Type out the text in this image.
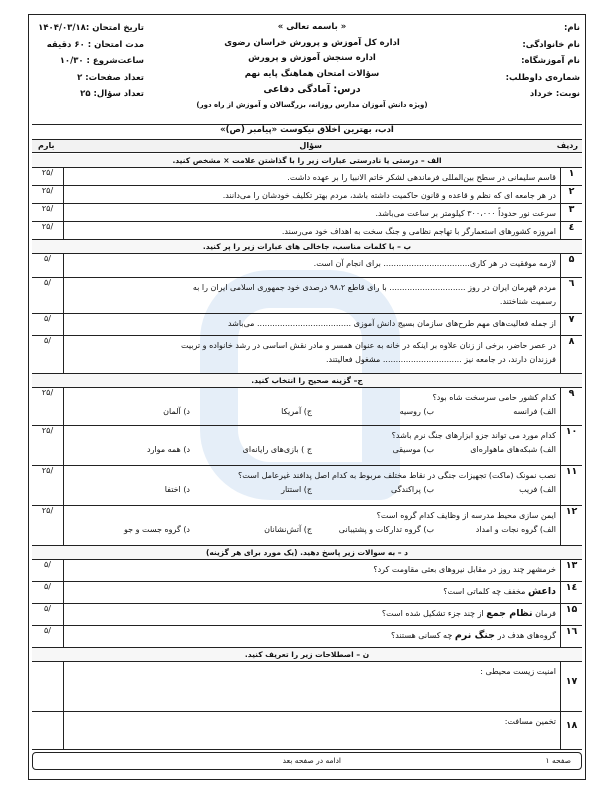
نام:
نام خانوادگی:
نام آموزشگاه:
شماره‌ی داوطلب:
نوبت: خرداد
« باسمه تعالی »
اداره کل آموزش و پرورش خراسان رضوی
اداره سنجش آموزش و پرورش
سؤالات امتحان هماهنگ پایه نهم
درس: آمادگی دفاعی
(ویژه دانش آموزان مدارس روزانه، بزرگسالان و آموزش از راه دور)
تاریخ امتحان :۱۴۰۴/۰۳/۱۸
مدت امتحان : ۶۰ دقیقه
ساعت‌شروع : ۱۰/۳۰
تعداد صفحات: ۲
تعداد سؤال: ۲۵
ادب، بهترین اخلاق نیکوست «پیامبر (ص)»
ردیف
سؤال
بارم
الف – درستی یا نادرستی عبارات زیر را با گذاشتن علامت × مشخص کنید.
۱
قاسم سلیمانی در سطح بین‌المللی فرماندهی لشکر خاتم الانبیا را بر عهده داشت.
/۲۵
۲
در هر جامعه ای که نظم و قاعده و قانون حاکمیت داشته باشد، مردم بهتر تکلیف خودشان را می‌دانند.
/۲۵
۳
سرعت نور حدوداً ۳۰۰،۰۰۰ کیلومتر بر ساعت می‌باشد.
/۲۵
٤
امروزه کشورهای استعمارگر با تهاجم نظامی و جنگ سخت به اهداف خود می‌رسند.
/۲۵
ب – با کلمات مناسب، جاخالی های عبارات زیر را پر کنید.
۵
لازمه موفقیت در هر کاری.................................. برای انجام آن است.
/۵
٦
مردم قهرمان ایران در روز .............................. با رای قاطع ۹۸،۲ درصدی خود جمهوری اسلامی ایران را به
رسمیت شناختند.
/۵
۷
از جمله فعالیت‌های مهم طرح‌های سازمان بسیج دانش آموزی ..................................... می‌باشد
/۵
۸
در عصر حاضر، برخی از زنان علاوه بر اینکه در خانه به عنوان همسر و مادر نقش اساسی در رشد خانواده و تربیت
فرزندان دارند، در جامعه نیز ............................... مشغول فعالیتند.
/۵
ج– گزینه صحیح را انتخاب کنید.
۹
کدام کشور حامی سرسخت شاه بود؟
الف) فرانسه
ب) روسیه
ج) آمریکا
د) آلمان
/۲۵
۱۰
کدام مورد می تواند جزو ابزارهای جنگ نرم باشد؟
الف) شبکه‌های ماهواره‌ای
ب) موسیقی
ج ) بازی‌های رایانه‌ای
د) همه موارد
/۲۵
۱۱
نصب نمونک (ماکت) تجهیزات جنگی در نقاط مختلف مربوط به کدام اصل پدافند غیرعامل است؟
الف) فریب
ب) پراکندگی
ج) استتار
د) اختفا
/۲۵
۱۲
ایمن سازی محیط مدرسه از وظایف کدام گروه است؟
الف) گروه نجات و امداد
ب) گروه تدارکات و پشتیبانی
ج) آتش‌نشانان
د) گروه جست و جو
/۲۵
د – به سوالات زیر پاسخ دهید. (یک مورد برای هر گزینه)
۱۳
خرمشهر چند روز در مقابل نیروهای بعثی مقاومت کرد؟
/۵
۱٤
داعش مخفف چه کلماتی است؟
/۵
۱۵
فرمان نظام جمع از چند جزء تشکیل شده است؟
/۵
۱٦
گروه‌های هدف در جنگ نرم چه کسانی هستند؟
/۵
ن – اصطلاحات زیر را تعریف کنید.
۱۷
امنیت زیست محیطی :
۱۸
تخمین مسافت:
صفحه ۱
ادامه در صفحه بعد
